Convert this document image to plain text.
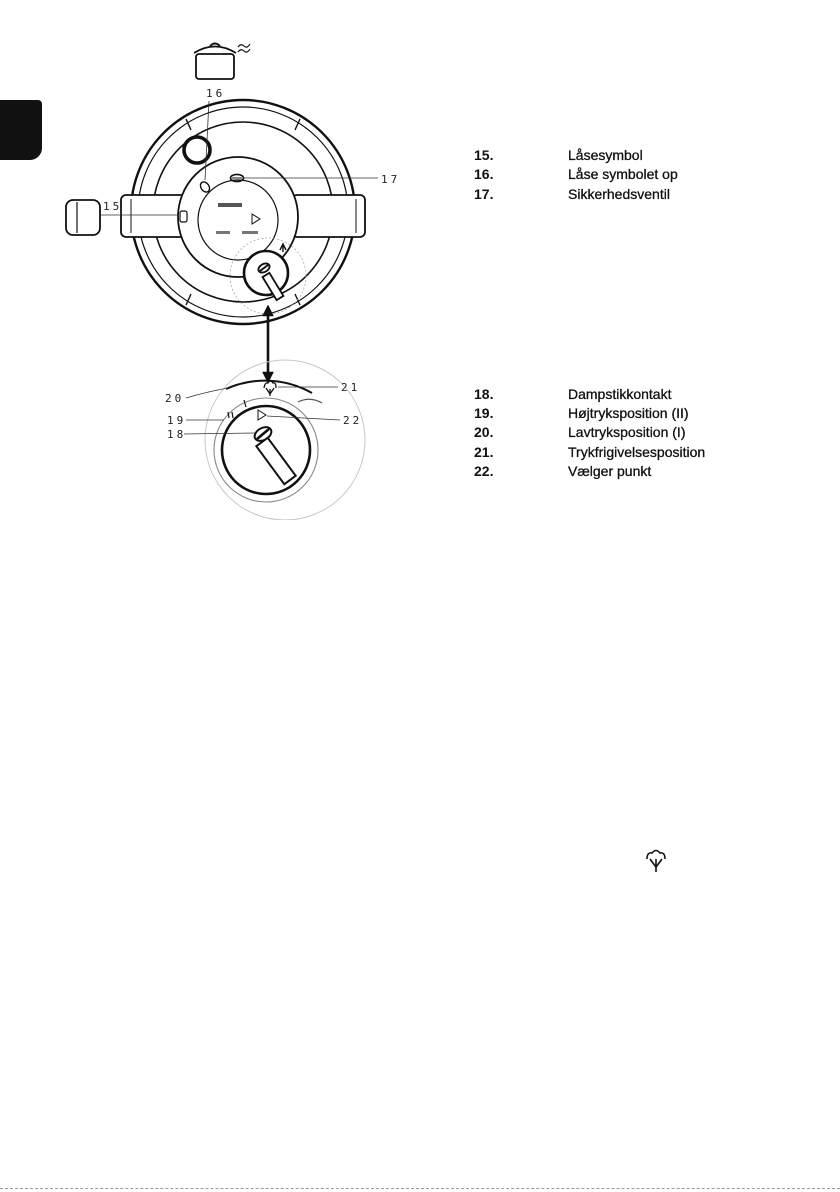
16
15
17
20
21
19	22
18
15.	Låsesymbol
16.	Låse symbolet op
17.	Sikkerhedsventil
18.	Dampstikkontakt
19.	Højtryksposition (II)
20.	Lavtryksposition (I)
21.	Trykfrigivelsesposition
22.	Vælger punkt
